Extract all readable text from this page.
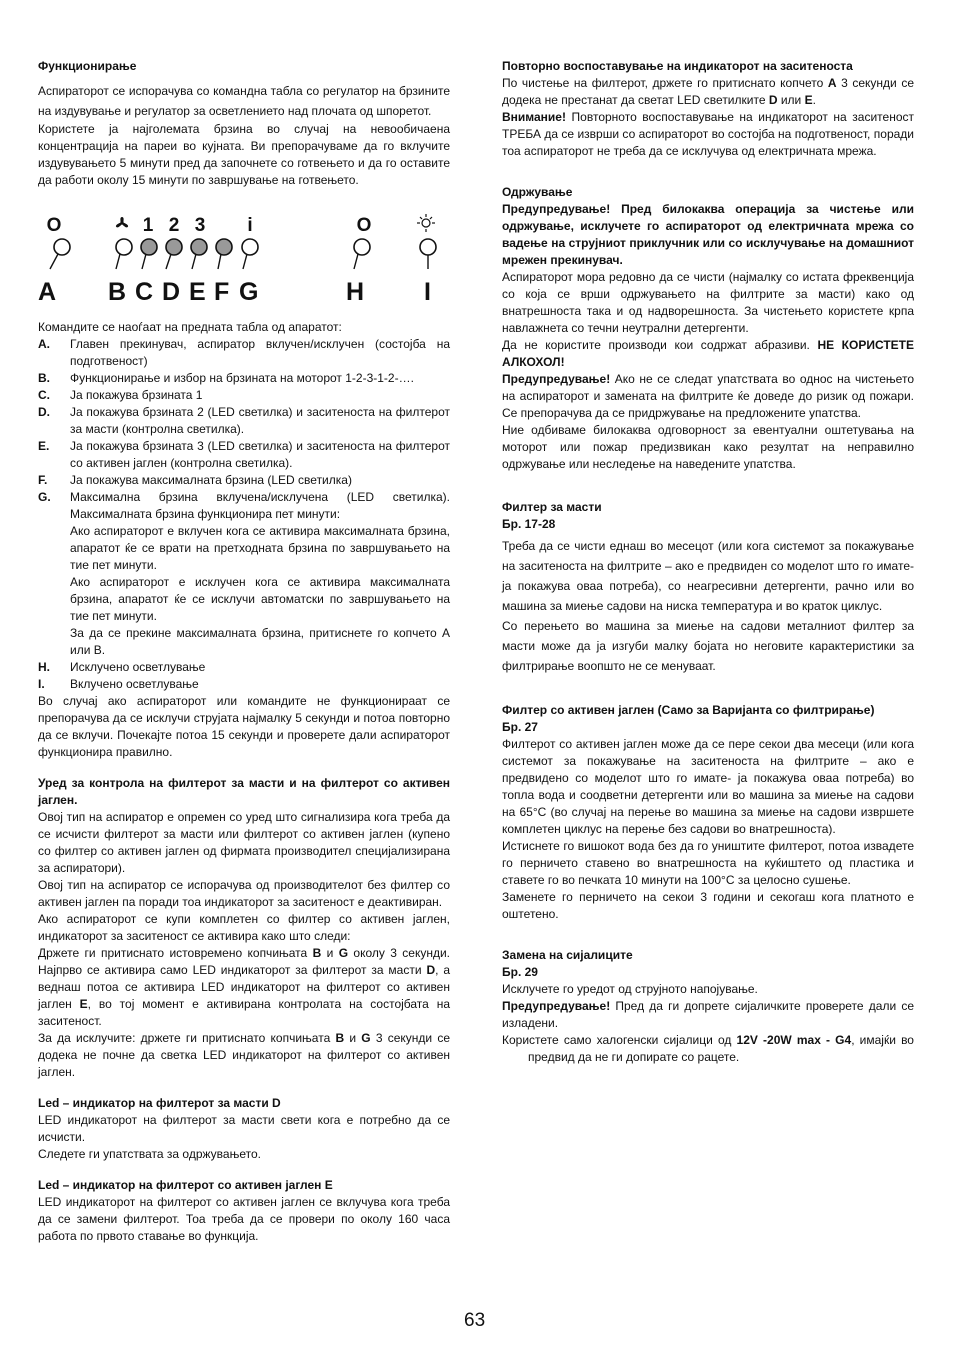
Функционирање

Аспираторот се испорачува со командна табла со регулатор на брзините на издувување и регулатор за осветлението над плочата од шпоретот.

Користете ја најголемата брзина во случај на невообичаена концентрација на пареи во кујната. Ви препорачуваме да го вклучите издувувањето 5 минути пред да започнете со готвењето и да го оставите да работи околу 15 минути по завршување на готвењето.

O	1 2 3 i	O
A B C D E F G	H I

Командите се наоѓаат на предната табла од апаратот:

A.	Главен прекинувач, аспиратор вклучен/исклучен (состојба на подготвеност)
B.	Функционирање и избор на брзината на моторот 1-2-3-1-2-….
C.	Ја покажува брзината 1
D.	Ја покажува брзината 2 (LED светилка) и заситеноста на филтерот за масти (контролна светилка).
E.	Ја покажува брзината 3 (LED светилка) и заситеноста на филтерот со активен јаглен (контролна светилка).
F.	Ја покажува максималната брзина (LED светилка)
G.	Максимална брзина вклучена/исклучена (LED светилка). Максималната брзина функционира пет минути:

Ако аспираторот е вклучен кога се активира максималната брзина, апаратот ќе се врати на претходната брзина по завршувањето на тие пет минути.

Ако аспираторот е исклучен кога се активира максималната брзина, апаратот ќе се исклучи автоматски по завршувањето на тие пет минути.

За да се прекине максималната брзина, притиснете го копчето A или B.

H.	Исклучено осветлување
I.	Вклучено осветлување

Во случај ако аспираторот или командите не функционираат се препорачува да се исклучи струјата најмалку 5 секунди и потоа повторно да се вклучи. Почекајте потоа 15 секунди и проверете дали аспираторот функционира правилно.

Уред за контрола на филтерот за масти и на филтерот со активен јаглен.

Овој тип на аспиратор е опремен со уред што сигнализира кога треба да се исчисти филтерот за масти или филтерот со активен јаглен (купено со филтер со активен јаглен од фирмата производител специјализирана за аспиратори).

Овој тип на аспиратор се испорачува од производителот без филтер со активен јаглен па поради тоа индикаторот за заситеност е деактивиран.

Ако аспираторот се купи комплетен со филтер со активен јаглен, индикаторот за заситеност се активира како што следи:

Држете ги притиснато истовремено копчињата B и G околу 3 секунди. Најпрво се активира само LED индикаторот за филтерот за масти D, а веднаш потоа се активира LED индикаторот на филтерот со активен јаглен E, во тој момент е активирана контролата на состојбата на заситеност.

За да исклучите: држете ги притиснато копчињата B и G 3 секунди се додека не почне да светка LED индикаторот на филтерот со активен јаглен.

Led – индикатор на филтерот за масти D

LED индикаторот на филтерот за масти свети кога е потребно да се исчисти.

Следете ги упатствата за одржувањето.

Led – индикатор на филтерот со активен јаглен E

LED индикаторот на филтерот со активен јаглен се вклучува кога треба да се замени филтерот. Тоа треба да се провери по околу 160 часа работа по првото ставање во функција.

Повторно воспоставување на индикаторот на заситеноста

По чистење на филтерот, држете го притиснато копчето A 3 секунди се додека не престанат да светат LED светилките D или E.

Внимание! Повторното воспоставување на индикаторот на заситеност ТРЕБА да се изврши со аспираторот во состојба на подготвеност, поради тоа аспираторот не треба да се исклучува од електричната мрежа.

Одржување

Предупредување! Пред билокаква операција за чистење или одржување, исклучете го аспираторот од електричната мрежа со вадење на струјниот приклучник или со исклучување на домашниот мрежен прекинувач.

Аспираторот мора редовно да се чисти (најмалку со истата фреквенција со која се врши одржувањето на филтрите за масти) како од внатрешноста така и од надворешноста. За чистењето користете крпа навлажнета со течни неутрални детергенти.

Да не користите производи кои содржат абразиви. НЕ КОРИСТЕТЕ АЛКОХОЛ!

Предупредување! Ако не се следат упатствата во однос на чистењето на аспираторот и замената на филтрите ќе доведе до ризик од пожари. Се препорачува да се придржување на предложените упатства.

Ние одбиваме билокаква одговорност за евентуални оштетувања на моторот или пожар предизвикан како резултат на неправилно одржување или неследење на наведените упатства.

Филтер за масти

Бр. 17-28

Треба да се чисти еднаш во месецот (или кога системот за покажување на заситеноста на филтрите – ако е предвиден со моделот што го имате- ја покажува оваа потреба), со неагресивни детергенти, рачно или во машина за миење садови на ниска температура и во краток циклус.

Со перењето во машина за миење на садови металниот филтер за масти може да ја изгуби малку бојата но неговите карактеристики за филтрирање воопшто не се менуваат.

Филтер со активен јаглен (Само за Варијанта со филтрирање)

Бр. 27

Филтерот со активен јаглен може да се пере секои два месеци (или кога системот за покажување на заситеноста на филтрите – ако е предвидено со моделот што го имате- ја покажува оваа потреба) во топла вода и соодветни детергенти или во машина за миење на садови на 65°C (во случај на перење во машина за миење на садови извршете комплетен циклус на перење без садови во внатрешноста).

Истиснете го вишокот вода без да го уништите филтерот, потоа извадете го перничето ставено во внатрешноста на куќиштето од пластика и ставете го во печката 10 минути на 100°C за целосно сушење.

Заменете го перничето на секои 3 години и секогаш кога платното е оштетено.

Замена на сијалиците

Бр. 29

Исклучете го уредот од струјното напојување.

Предупредување! Пред да ги допрете сијаличките проверете дали се изладени.

Користете само халогенски сијалици од 12V -20W max - G4, имајќи во предвид да не ги допирате со рацете.

63
